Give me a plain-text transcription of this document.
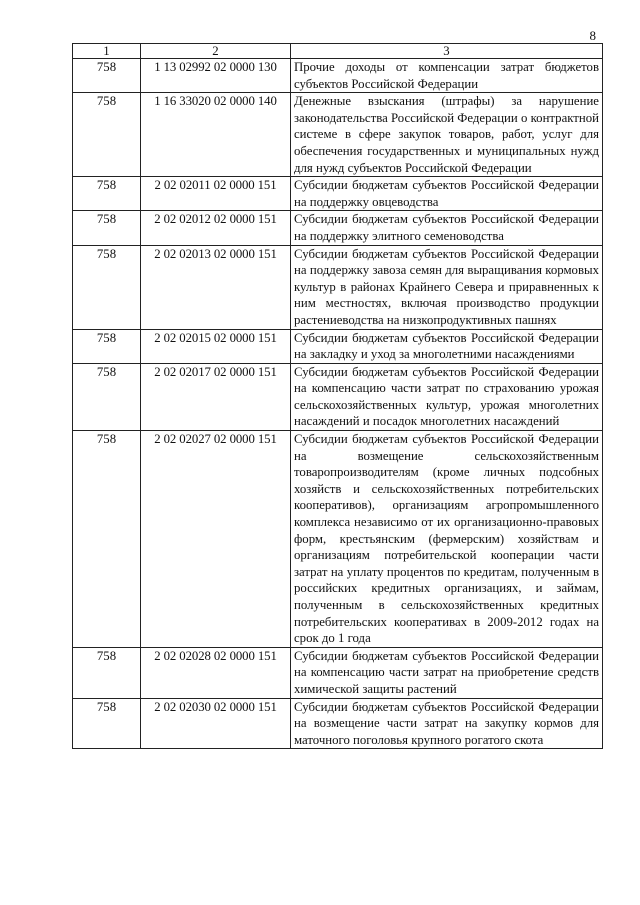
8
1	2	3
758	1 13 02992 02 0000 130	Прочие доходы от компенсации затрат бюджетов субъектов Российской Федерации
758	1 16 33020 02 0000 140	Денежные взыскания (штрафы) за нарушение законодательства Российской Федерации о контрактной системе в сфере закупок товаров, работ, услуг для обеспечения государственных и муниципальных нужд для нужд субъектов Российской Федерации
758	2 02 02011 02 0000 151	Субсидии бюджетам субъектов Российской Федерации на поддержку овцеводства
758	2 02 02012 02 0000 151	Субсидии бюджетам субъектов Российской Федерации на поддержку элитного семеноводства
758	2 02 02013 02 0000 151	Субсидии бюджетам субъектов Российской Федерации на поддержку завоза семян для выращивания кормовых культур в районах Крайнего Севера и приравненных к ним местностях, включая производство продукции растениеводства на низкопродуктивных пашнях
758	2 02 02015 02 0000 151	Субсидии бюджетам субъектов Российской Федерации на закладку и уход за многолетними насаждениями
758	2 02 02017 02 0000 151	Субсидии бюджетам субъектов Российской Федерации на компенсацию части затрат по страхованию урожая сельскохозяйственных культур, урожая многолетних насаждений и посадок многолетних насаждений
758	2 02 02027 02 0000 151	Субсидии бюджетам субъектов Российской Федерации на возмещение сельскохозяйственным товаропроизводителям (кроме личных подсобных хозяйств и сельскохозяйственных потребительских кооперативов), организациям агропромышленного комплекса независимо от их организационно-правовых форм, крестьянским (фермерским) хозяйствам и организациям потребительской кооперации части затрат на уплату процентов по кредитам, полученным в российских кредитных организациях, и займам, полученным в сельскохозяйственных кредитных потребительских кооперативах в 2009-2012 годах на срок до 1 года
758	2 02 02028 02 0000 151	Субсидии бюджетам субъектов Российской Федерации на компенсацию части затрат на приобретение средств химической защиты растений
758	2 02 02030 02 0000 151	Субсидии бюджетам субъектов Российской Федерации на возмещение части затрат на закупку кормов для маточного поголовья крупного рогатого скота
